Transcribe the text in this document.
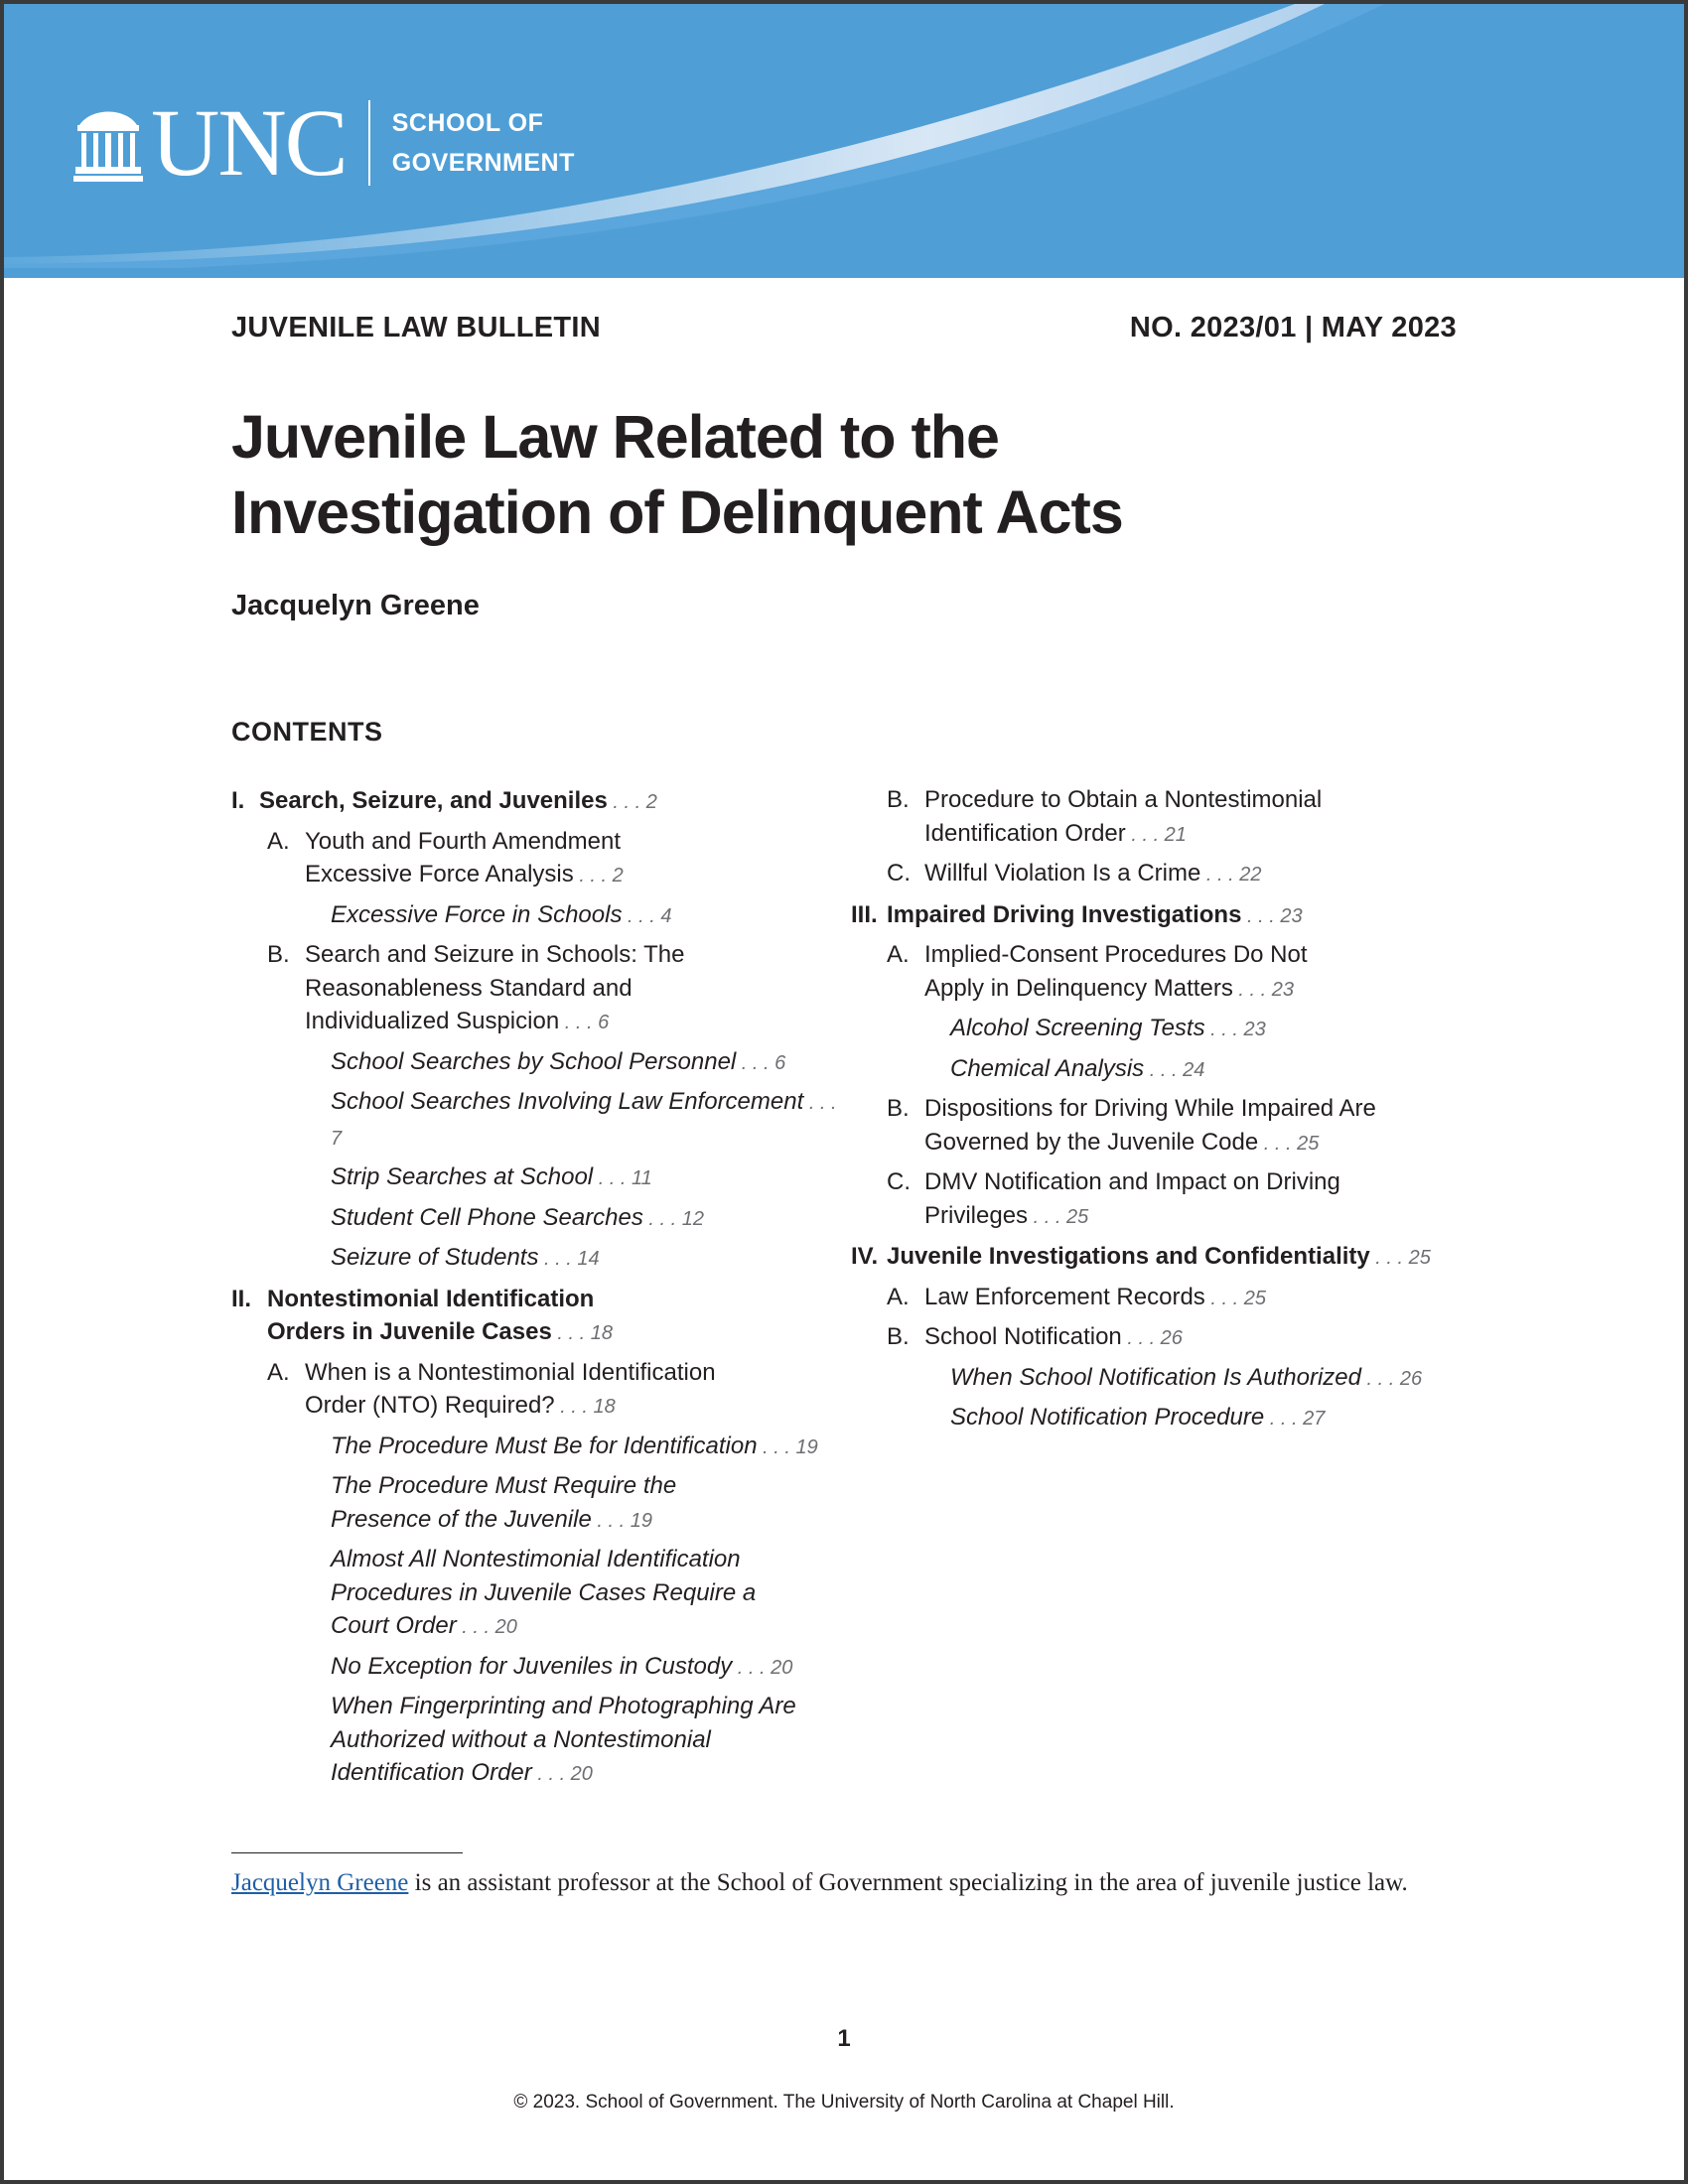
UNC SCHOOL OF
GOVERNMENT
JUVENILE LAW BULLETIN	NO. 2023/01 | MAY 2023
Juvenile Law Related to the
Investigation of Delinquent Acts
Jacquelyn Greene
CONTENTS
I. Search, Seizure, and Juveniles . . . 2
A. Youth and Fourth Amendment Excessive Force Analysis . . . 2
Excessive Force in Schools . . . 4
B. Search and Seizure in Schools: The Reasonableness Standard and Individualized Suspicion . . . 6
School Searches by School Personnel . . . 6
School Searches Involving Law Enforcement . . . 7
Strip Searches at School . . . 11
Student Cell Phone Searches . . . 12
Seizure of Students . . . 14
II. Nontestimonial Identification Orders in Juvenile Cases . . . 18
A. When is a Nontestimonial Identification Order (NTO) Required? . . . 18
The Procedure Must Be for Identification . . . 19
The Procedure Must Require the Presence of the Juvenile . . . 19
Almost All Nontestimonial Identification Procedures in Juvenile Cases Require a Court Order . . . 20
No Exception for Juveniles in Custody . . . 20
When Fingerprinting and Photographing Are Authorized without a Nontestimonial Identification Order . . . 20
B. Procedure to Obtain a Nontestimonial Identification Order . . . 21
C. Willful Violation Is a Crime . . . 22
III. Impaired Driving Investigations . . . 23
A. Implied-Consent Procedures Do Not Apply in Delinquency Matters . . . 23
Alcohol Screening Tests . . . 23
Chemical Analysis . . . 24
B. Dispositions for Driving While Impaired Are Governed by the Juvenile Code . . . 25
C. DMV Notification and Impact on Driving Privileges . . . 25
IV. Juvenile Investigations and Confidentiality . . . 25
A. Law Enforcement Records . . . 25
B. School Notification . . . 26
When School Notification Is Authorized . . . 26
School Notification Procedure . . . 27
Jacquelyn Greene is an assistant professor at the School of Government specializing in the area of juvenile justice law.
1
© 2023. School of Government. The University of North Carolina at Chapel Hill.
